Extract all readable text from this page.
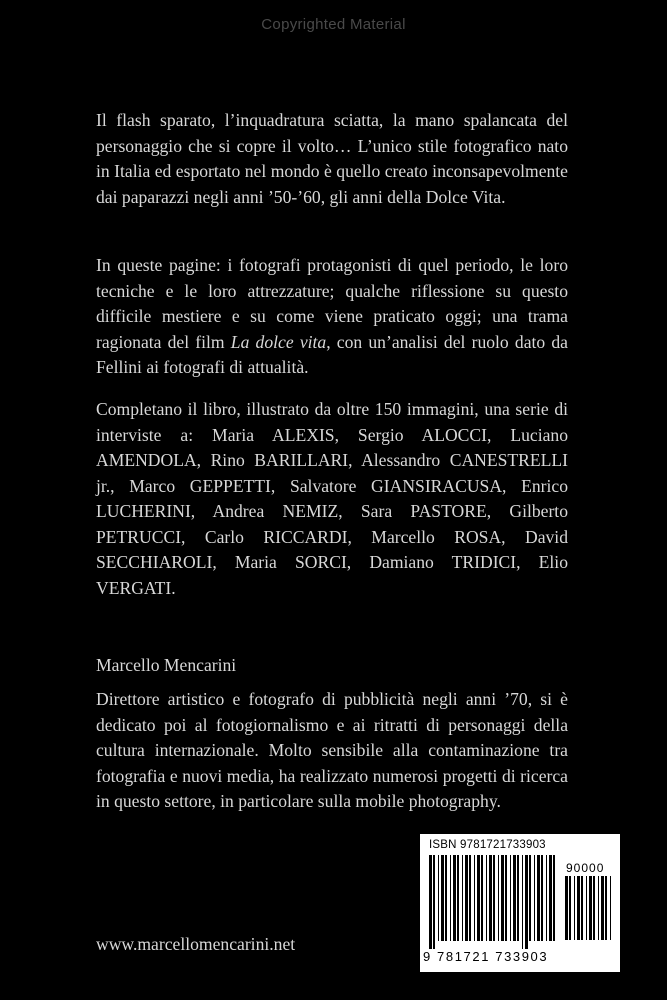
Copyrighted Material

Il flash sparato, l’inquadratura sciatta, la mano spalancata del personaggio che si copre il volto… L’unico stile fotografico nato in Italia ed esportato nel mondo è quello creato inconsapevolmente dai paparazzi negli anni ’50-’60, gli anni della Dolce Vita.

In queste pagine: i fotografi protagonisti di quel periodo, le loro tecniche e le loro attrezzature; qualche riflessione su questo difficile mestiere e su come viene praticato oggi; una trama ragionata del film La dolce vita, con un’analisi del ruolo dato da Fellini ai fotografi di attualità.

Completano il libro, illustrato da oltre 150 immagini, una serie di interviste a: Maria ALEXIS, Sergio ALOCCI, Luciano AMENDOLA, Rino BARILLARI, Alessandro CANESTRELLI jr., Marco GEPPETTI, Salvatore GIANSIRACUSA, Enrico LUCHERINI, Andrea NEMIZ, Sara PASTORE, Gilberto PETRUCCI, Carlo RICCARDI, Marcello ROSA, David SECCHIAROLI, Maria SORCI, Damiano TRIDICI, Elio VERGATI.

Marcello Mencarini

Direttore artistico e fotografo di pubblicità negli anni ’70, si è dedicato poi al fotogiornalismo e ai ritratti di personaggi della cultura internazionale. Molto sensibile alla contaminazione tra fotografia e nuovi media, ha realizzato numerosi progetti di ricerca in questo settore, in particolare sulla mobile photography.

www.marcellomencarini.net
ISBN 9781721733903
90000
9 781721 733903
